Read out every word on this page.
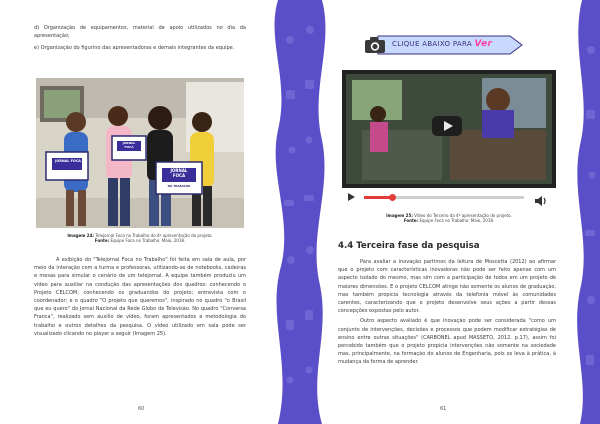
d) Organização de equipamentos, material de apoio utilizados no dia da apresentação;

e) Organização do figurino das apresentadoras e demais integrantes da equipe.

JORNAL FOCA
JORNAL FOCA
JORNAL FOCA
NO TRABALHO
Imagem 24: Telejornal Foca no Trabalho do 4º apresentação do projeto.
Fonte: Equipe Foca no Trabalho. Maio, 2018.

A exibição do "Telejornal Foca no Trabalho" foi feita em sala de aula, por meio da interação com a turma e professoras, utilizando-se de notebooks, cadeiras e mesas para simular o cenário de um telejornal. A equipe também produziu um vídeo para auxiliar na condução das apresentações dos quadros: conhecendo o Projeto CELCOM; conhecendo os graduandos do projeto; entrevista com o coordenador; e o quadro "O projeto que queremos", inspirado no quadro "o Brasil que eu quero" do Jornal Nacional da Rede Globo de Televisão. No quadro "Conversa Franca", realizado sem auxílio de vídeo, foram apresentados a metodologia do trabalho e outros detalhes da pesquisa. O vídeo utilizado em sala pode ser visualizado clicando no player a seguir (Imagem 25).

60
CLIQUE ABAIXO PARA Ver
Imagem 25: Vídeo do Terceiro da 4º apresentação do projeto.
Fonte: Equipe Foca no Trabalho. Maio, 2018.
4.4 Terceira fase da pesquisa

Para avaliar a inovação partimos da leitura de Moscetta (2012) ao afirmar que o projeto com características inovadoras não pode ser feito apenas com um aspecto isolado do mesmo, mas sim com a participação de todos em um projeto de maiores dimensões. E o projeto CELCOM atinge não somente os alunos de graduação, mas também propicia tecnologia através da telefonia móvel às comunidades carentes, caracterizando que o projeto desenvolve seus ações a partir dessas concepções expostas pelo autor.

Outro aspecto avaliado é que inovação pode ser considerada "como um conjunto de intervenções, decisões e processos que podem modificar estratégias de ensino entre outras situações" (CARBONEL apud MASSETO, 2012. p.17), assim foi percebido também que o projeto propicia intervenções não somente na sociedade mas, principalmente, na formação do alunos de Engenharia, pois os leva à prática, à mudança da forma de aprender.

61
